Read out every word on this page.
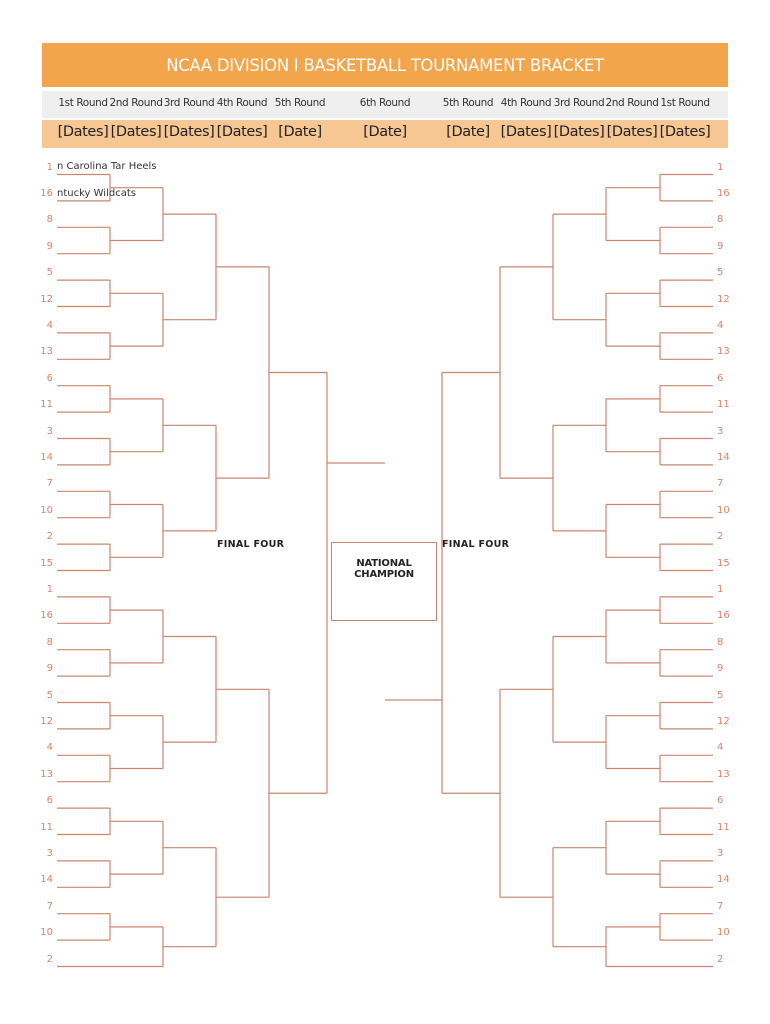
NCAA DIVISION I BASKETBALL TOURNAMENT BRACKET
1st Round 2nd Round 3rd Round 4th Round 5th Round	6th Round	5th Round 4th Round 3rd Round 2nd Round 1st Round
[Dates] [Dates] [Dates] [Dates] [Date]	[Date]	[Date] [Dates] [Dates] [Dates] [Dates]
1
16
8
9
5
12
4
13
6
11
3
14
7
10
2
15
1
16
8
9
5
12
4
13
6
11
3
14
7
10
2
1
16
8
9
5
12
4
13
6
11
3
14
7
10
2
15
1
16
8
9
5
12
4
13
6
11
3
14
7
10
2
n Carolina Tar Heels
ntucky Wildcats
FINAL FOUR	FINAL FOUR
NATIONAL CHAMPION
